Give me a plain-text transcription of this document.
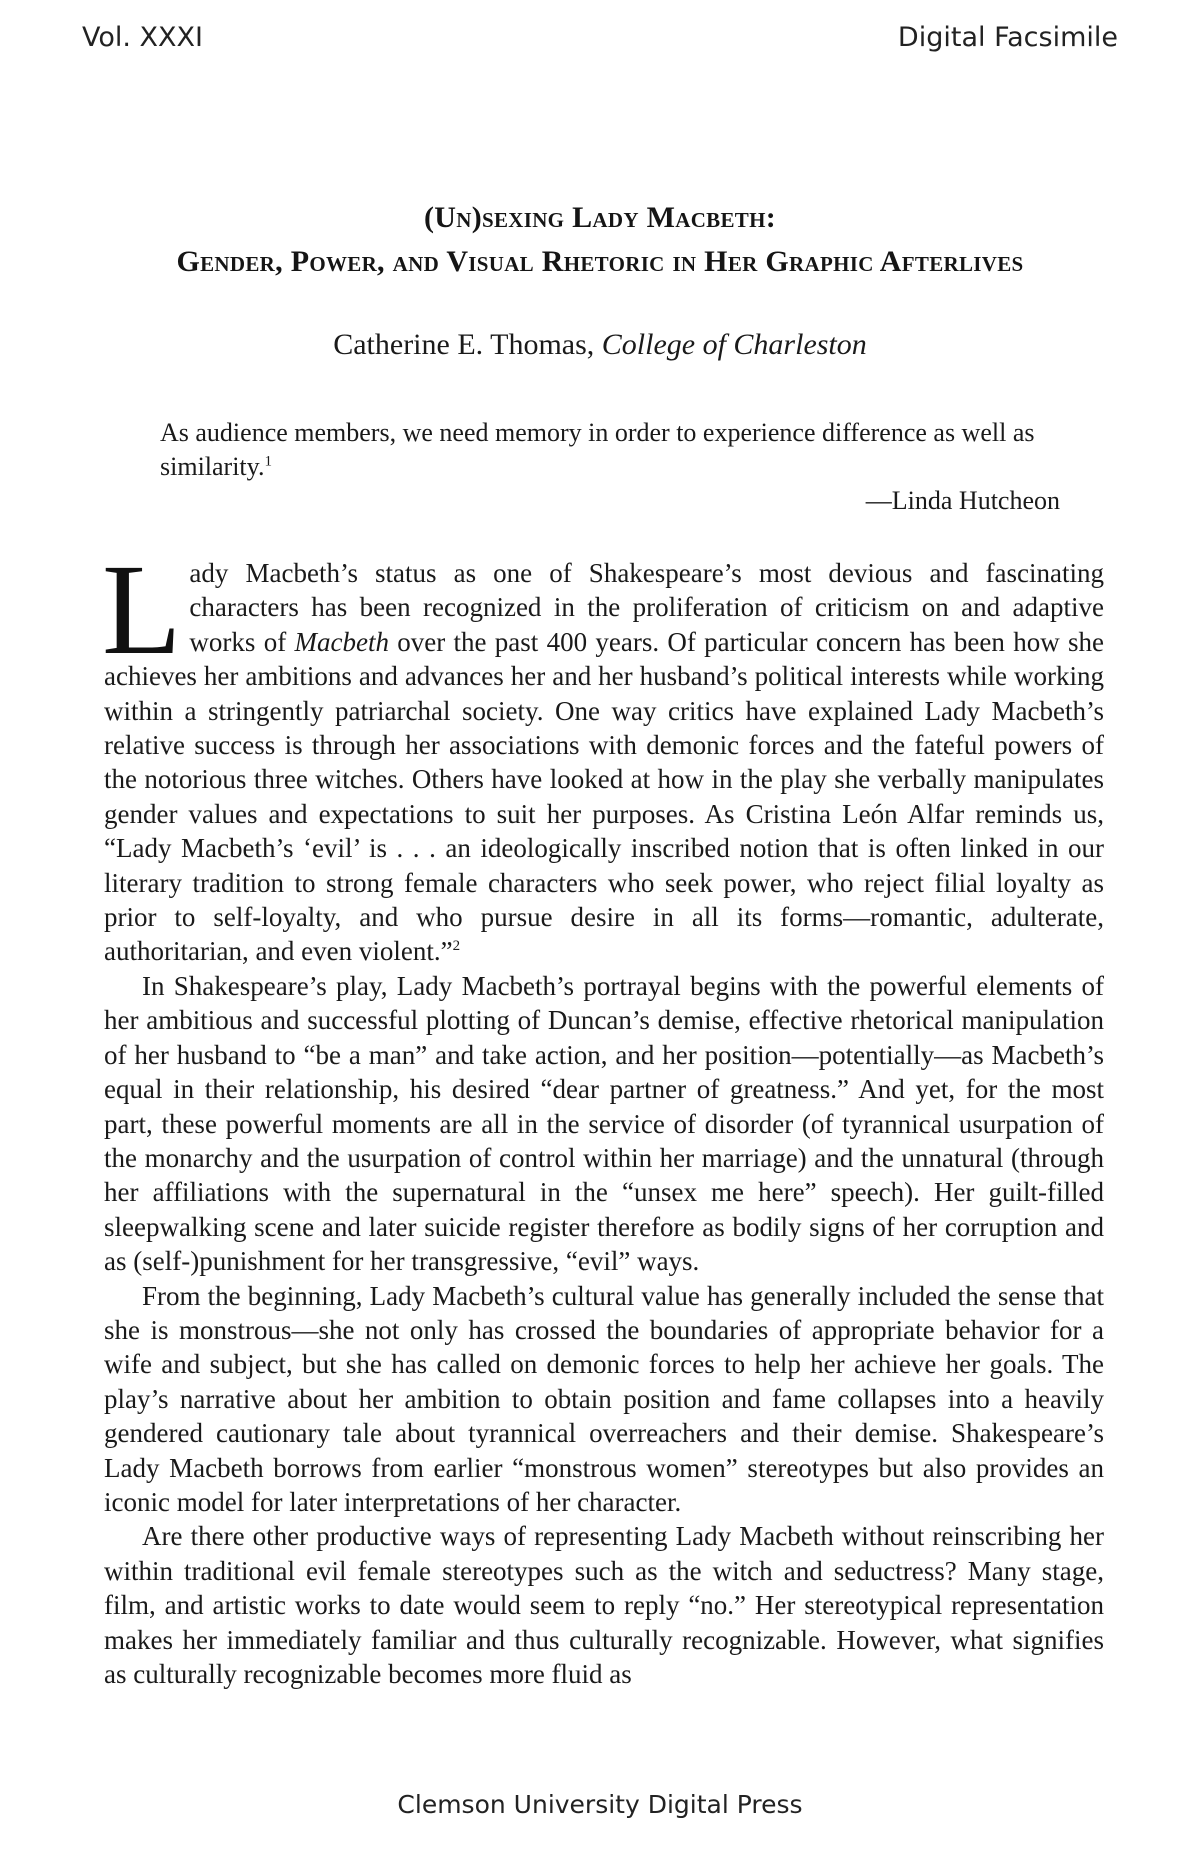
Vol. XXXI	Digital Facsimile
(Un)sexing Lady Macbeth:
Gender, Power, and Visual Rhetoric in Her Graphic Afterlives
Catherine E. Thomas, College of Charleston
As audience members, we need memory in order to experience difference as well as similarity.$^1$
—Linda Hutcheon

Lady Macbeth’s status as one of Shakespeare’s most devious and fascinating characters has been recognized in the proliferation of criticism on and adaptive works of Macbeth over the past 400 years. Of particular concern has been how she achieves her ambitions and advances her and her husband’s political interests while working within a stringently patriarchal society. One way critics have explained Lady Macbeth’s relative success is through her associations with demonic forces and the fateful powers of the notorious three witches. Others have looked at how in the play she verbally manipulates gender values and expectations to suit her purposes. As Cristina León Alfar reminds us, “Lady Macbeth’s ‘evil’ is . . . an ideologically inscribed notion that is often linked in our literary tradition to strong female characters who seek power, who reject filial loyalty as prior to self-loyalty, and who pursue desire in all its forms—romantic, adulterate, authoritarian, and even violent.”$^2$

In Shakespeare’s play, Lady Macbeth’s portrayal begins with the powerful elements of her ambitious and successful plotting of Duncan’s demise, effective rhetorical manipulation of her husband to “be a man” and take action, and her position—potentially—as Macbeth’s equal in their relationship, his desired “dear partner of greatness.” And yet, for the most part, these powerful moments are all in the service of disorder (of tyrannical usurpation of the monarchy and the usurpation of control within her marriage) and the unnatural (through her affiliations with the supernatural in the “unsex me here” speech). Her guilt-filled sleepwalking scene and later suicide register therefore as bodily signs of her corruption and as (self-)punishment for her transgressive, “evil” ways.

From the beginning, Lady Macbeth’s cultural value has generally included the sense that she is monstrous—she not only has crossed the boundaries of appropriate behavior for a wife and subject, but she has called on demonic forces to help her achieve her goals. The play’s narrative about her ambition to obtain position and fame collapses into a heavily gendered cautionary tale about tyrannical overreachers and their demise. Shakespeare’s Lady Macbeth borrows from earlier “monstrous women” stereotypes but also provides an iconic model for later interpretations of her character.

Are there other productive ways of representing Lady Macbeth without reinscribing her within traditional evil female stereotypes such as the witch and seductress? Many stage, film, and artistic works to date would seem to reply “no.” Her stereotypical representation makes her immediately familiar and thus culturally recognizable. However, what signifies as culturally recognizable becomes more fluid as

Clemson University Digital Press
